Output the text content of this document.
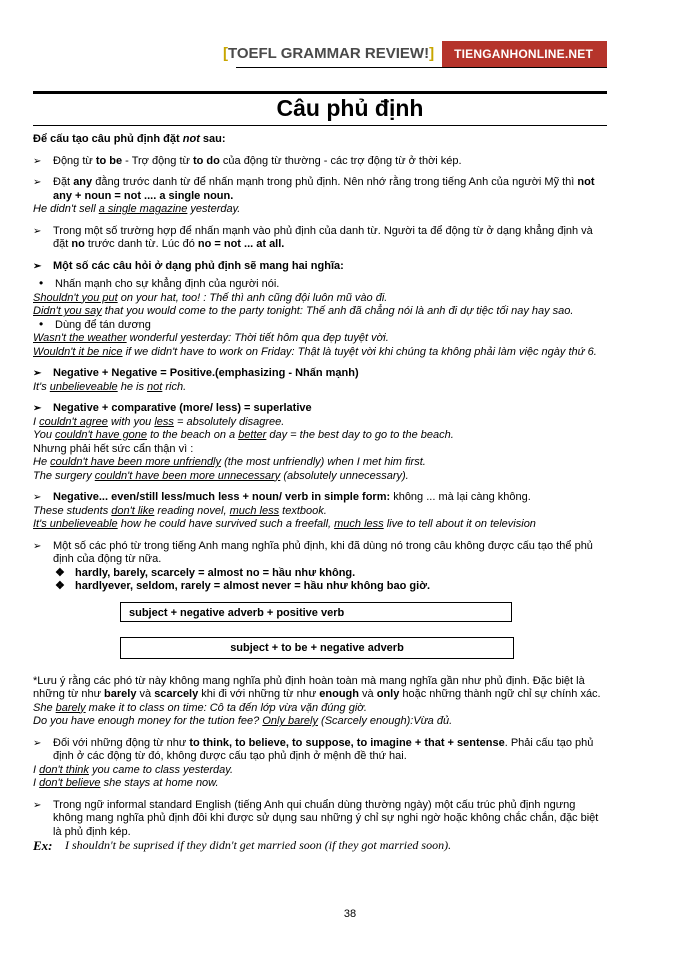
[TOEFL GRAMMAR REVIEW!]	TIENGANHONLINE.NET
Câu phủ định

Để cấu tạo câu phủ định đặt not sau:

➢ Động từ to be - Trợ động từ to do của động từ thường - các trợ động từ ở thời kép.
➢ Đặt any đằng trước danh từ để nhấn mạnh trong phủ định. Nên nhớ rằng trong tiếng Anh của người Mỹ thì not any + noun = not .... a single noun.

He didn't sell a single magazine yesterday.

➢ Trong một số trường hợp để nhấn mạnh vào phủ định của danh từ. Người ta để động từ ở dạng khẳng định và đặt no trước danh từ. Lúc đó no = not ... at all.
➢ Một số các câu hỏi ở dạng phủ định sẽ mang hai nghĩa:
• Nhấn mạnh cho sự khẳng định của người nói.

Shouldn't you put on your hat, too! : Thế thì anh cũng đội luôn mũ vào đi.

Didn't you say that you would come to the party tonight: Thế anh đã chẳng nói là anh đi dự tiệc tối nay hay sao.

• Dùng để tán dương

Wasn't the weather wonderful yesterday: Thời tiết hôm qua đẹp tuyệt vời.

Wouldn't it be nice if we didn't have to work on Friday: Thật là tuyệt vời khi chúng ta không phải làm việc ngày thứ 6.

➢ Negative + Negative = Positive.(emphasizing - Nhấn mạnh)

It's unbelieveable he is not rich.

➢ Negative + comparative (more/ less) = superlative

I couldn't agree with you less = absolutely disagree.

You couldn't have gone to the beach on a better day = the best day to go to the beach.

Nhưng phải hết sức cẩn thận vì :

He couldn't have been more unfriendly (the most unfriendly) when I met him first.

The surgery couldn't have been more unnecessary (absolutely unnecessary).

➢ Negative... even/still less/much less + noun/ verb in simple form: không ... mà lại càng không.

These students don't like reading novel, much less textbook.

It's unbelieveable how he could have survived such a freefall, much less live to tell about it on television

➢ Một số các phó từ trong tiếng Anh mang nghĩa phủ định, khi đã dùng nó trong câu không được cấu tạo thể phủ định của động từ nữa.
❖ hardly, barely, scarcely = almost no = hầu như không.
❖ hardlyever, seldom, rarely = almost never = hầu như không bao giờ.
subject + negative adverb + positive verb
subject + to be + negative adverb

*Lưu ý rằng các phó từ này không mang nghĩa phủ định hoàn toàn mà mang nghĩa gần như phủ định. Đặc biệt là những từ như barely và scarcely khi đi với những từ như enough và only hoặc những thành ngữ chỉ sự chính xác.

She barely make it to class on time: Cô ta đến lớp vừa vặn đúng giờ.

Do you have enough money for the tution fee? Only barely (Scarcely enough):Vừa đủ.

➢ Đối với những động từ như to think, to believe, to suppose, to imagine + that + sentense. Phải cấu tạo phủ định ở các động từ đó, không được cấu tạo phủ định ở mệnh đề thứ hai.

I don't think you came to class yesterday.

I don't believe she stays at home now.

➢ Trong ngữ informal standard English (tiếng Anh qui chuẩn dùng thường ngày) một cấu trúc phủ định ngưng không mang nghĩa phủ định đôi khi được sử dụng sau những ý chỉ sự nghi ngờ hoặc không chắc chắn, đặc biệt là phủ định kép.
Ex:	I shouldn't be suprised if they didn't get married soon (if they got married soon).
38
